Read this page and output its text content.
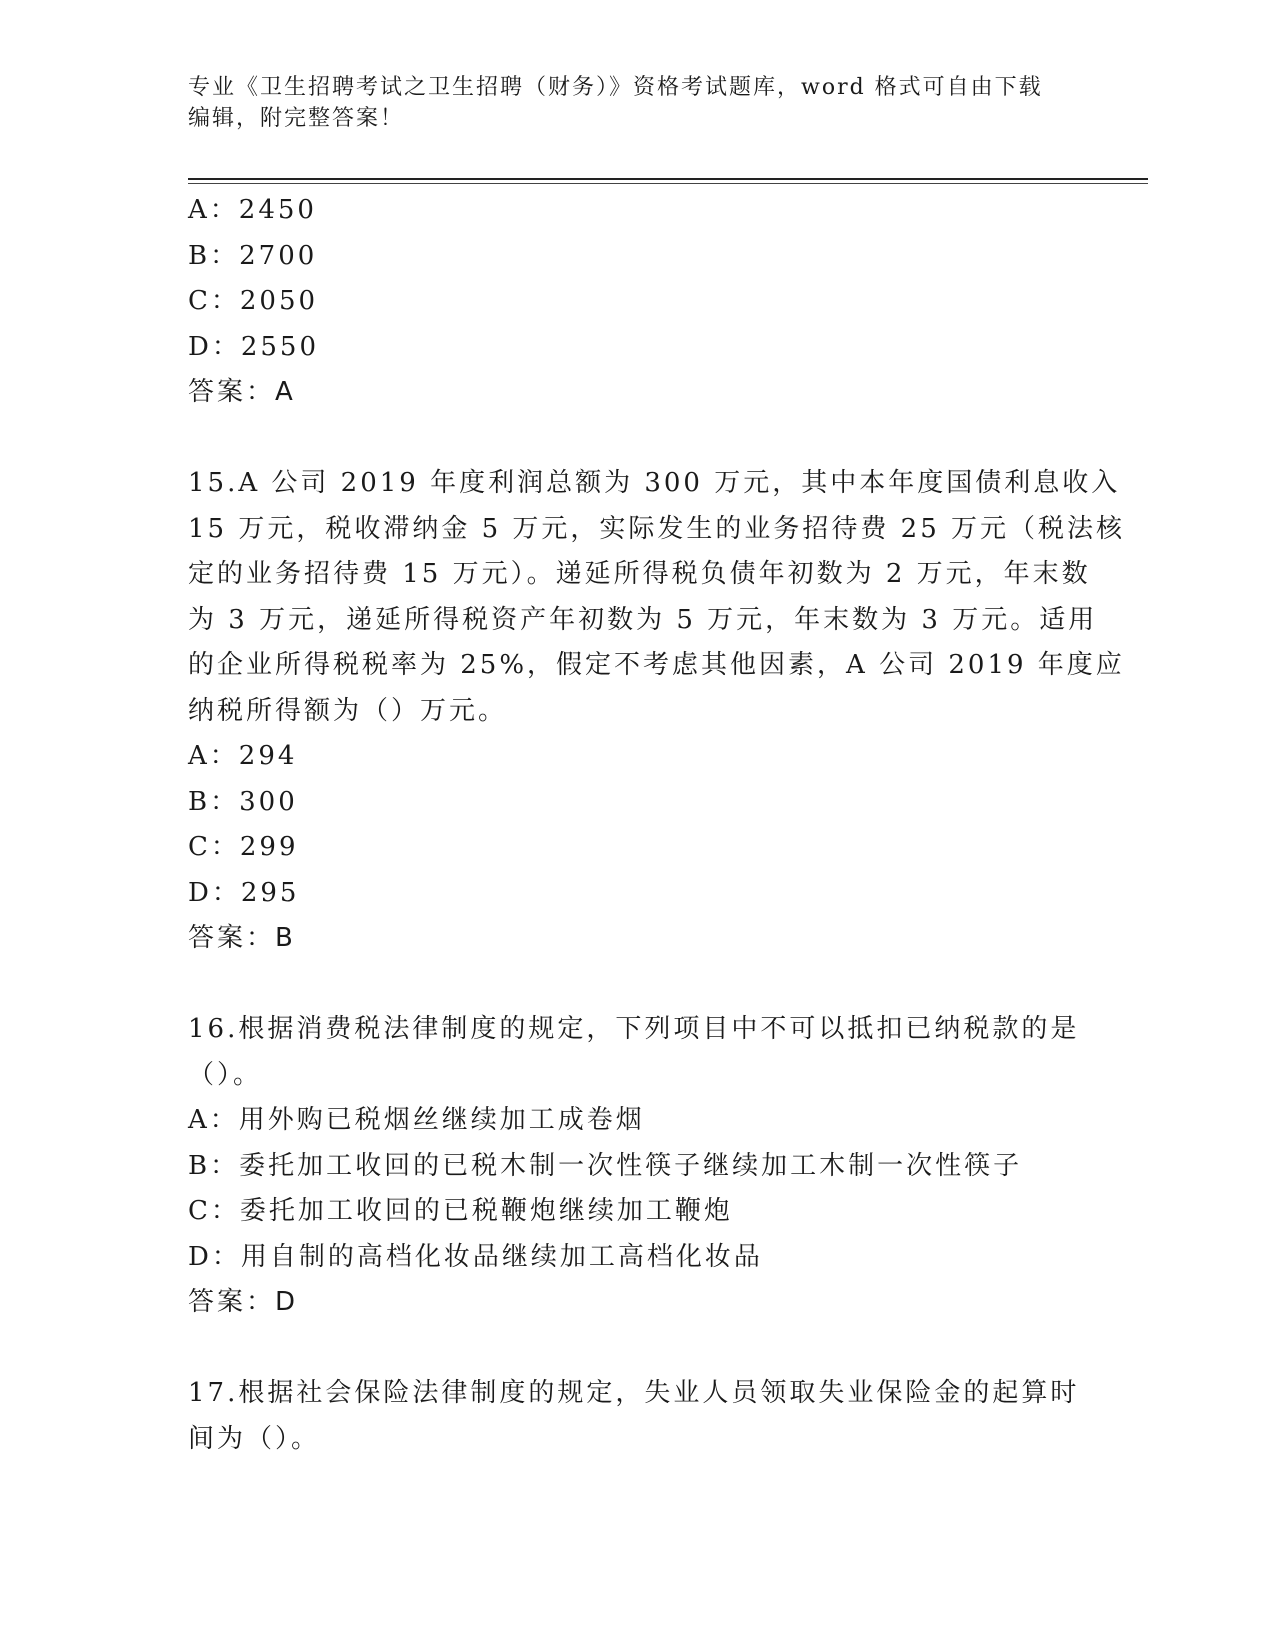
专业《卫生招聘考试之卫生招聘（财务）》资格考试题库，word 格式可自由下载
编辑，附完整答案！
A：2450
B：2700
C：2050
D：2550
答案：A
15.A 公司 2019 年度利润总额为 300 万元，其中本年度国债利息收入
15 万元，税收滞纳金 5 万元，实际发生的业务招待费 25 万元（税法核
定的业务招待费 15 万元）。递延所得税负债年初数为 2 万元，年末数
为 3 万元，递延所得税资产年初数为 5 万元，年末数为 3 万元。适用
的企业所得税税率为 25%，假定不考虑其他因素，A 公司 2019 年度应
纳税所得额为（）万元。
A：294
B：300
C：299
D：295
答案：B
16.根据消费税法律制度的规定，下列项目中不可以抵扣已纳税款的是
（）。
A：用外购已税烟丝继续加工成卷烟
B：委托加工收回的已税木制一次性筷子继续加工木制一次性筷子
C：委托加工收回的已税鞭炮继续加工鞭炮
D：用自制的高档化妆品继续加工高档化妆品
答案：D
17.根据社会保险法律制度的规定，失业人员领取失业保险金的起算时
间为（）。
